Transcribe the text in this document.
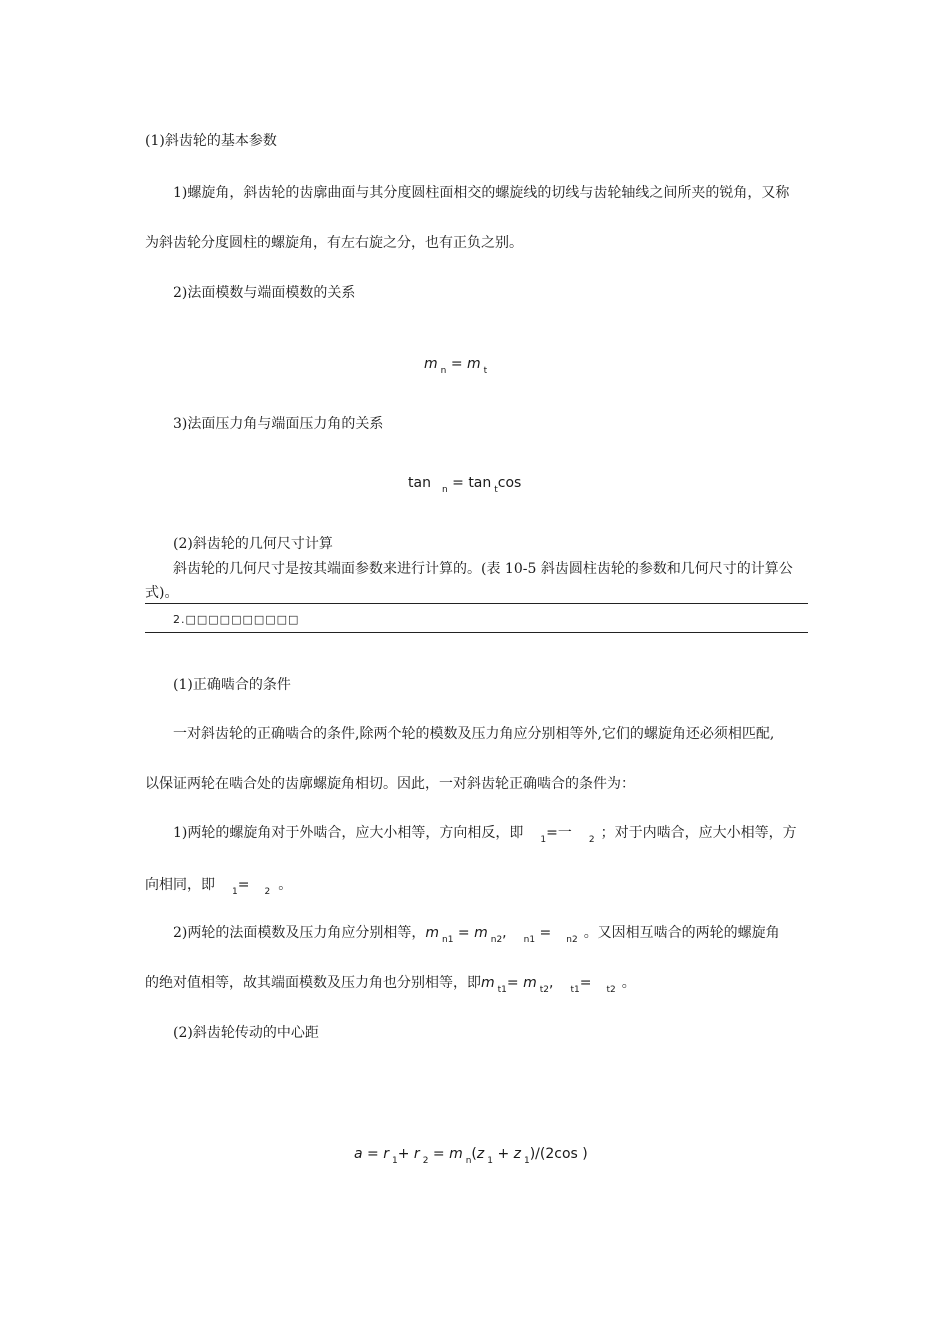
(1)斜齿轮的基本参数
1)螺旋角，斜齿轮的齿廓曲面与其分度圆柱面相交的螺旋线的切线与齿轮轴线之间所夹的锐角，又称
为斜齿轮分度圆柱的螺旋角，有左右旋之分，也有正负之别。
2)法面模数与端面模数的关系
m $_n$ = m $_t$
3)法面压力角与端面压力角的关系
tan $_n$ = tan $_t$cos
(2)斜齿轮的几何尺寸计算
斜齿轮的几何尺寸是按其端面参数来进行计算的。(表 10-5 斜齿圆柱齿轮的参数和几何尺寸的计算公
式)。
2.□□□□□□□□□□
(1)正确啮合的条件
一对斜齿轮的正确啮合的条件,除两个轮的模数及压力角应分别相等外,它们的螺旋角还必须相匹配,
以保证两轮在啮合处的齿廓螺旋角相切。因此，一对斜齿轮正确啮合的条件为：
1)两轮的螺旋角对于外啮合，应大小相等，方向相反，即 $_1$=一 $_2$ ；对于内啮合，应大小相等，方
向相同，即 $_1$= $_2$ 。
2)两轮的法面模数及压力角应分别相等，m $_{n1}$ = m $_{n2}$, $_{n1}$ = $_{n2}$ 。又因相互啮合的两轮的螺旋角
的绝对值相等，故其端面模数及压力角也分别相等，即m $_{t1}$= m $_{t2}$, $_{t1}$= $_{t2}$ 。
(2)斜齿轮传动的中心距
a = r $_1$+ r $_2$ = m $_n$(z $_1$ + z $_1$)/(2cos )
